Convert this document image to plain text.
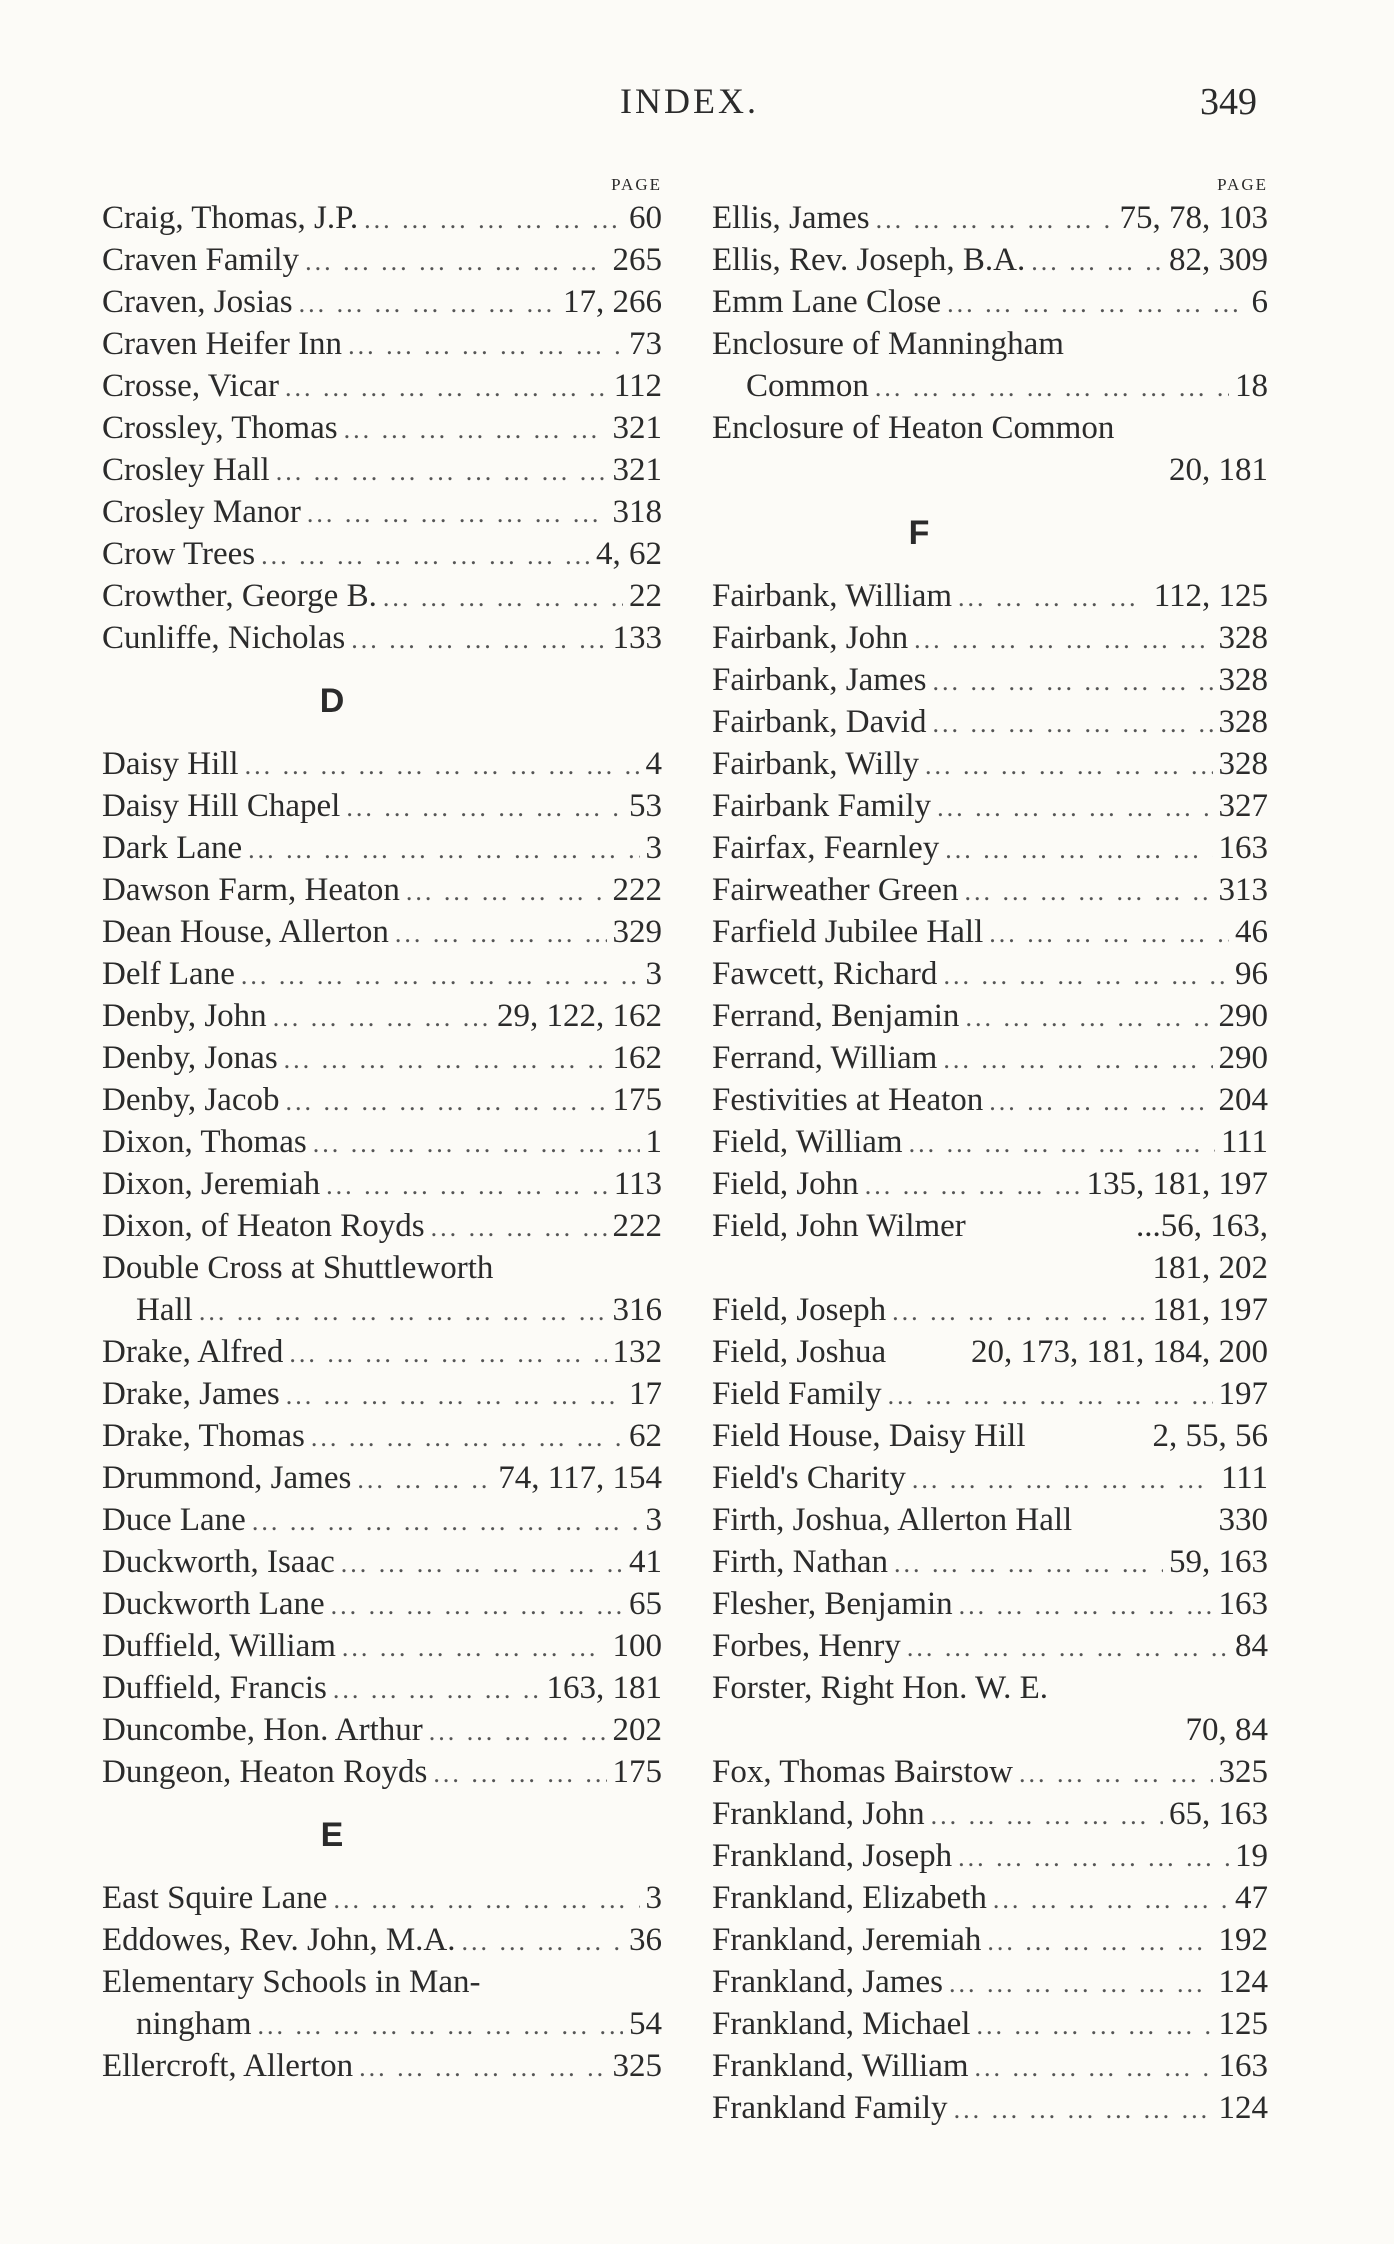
INDEX.	349
PAGE
Craig, Thomas, J.P. ... .	60
Craven Family ... .	265
Craven, Josias ... .	17, 266
Craven Heifer Inn ... .	73
Crosse, Vicar ... .	112
Crossley, Thomas ... .	321
Crosley Hall ... .	321
Crosley Manor ... .	318
Crow Trees ... .	4, 62
Crowther, George B. ... .	22
Cunliffe, Nicholas ... .	133
D
Daisy Hill ... .	4
Daisy Hill Chapel ... .	53
Dark Lane ... .	3
Dawson Farm, Heaton ... .	222
Dean House, Allerton ... .	329
Delf Lane ... .	3
Denby, John ... .	29, 122, 162
Denby, Jonas ... .	162
Denby, Jacob ... .	175
Dixon, Thomas ... .	1
Dixon, Jeremiah ... .	113
Dixon, of Heaton Royds ... .	222
Double Cross at Shuttleworth
Hall ... .	316
Drake, Alfred ... .	132
Drake, James ... .	17
Drake, Thomas ... .	62
Drummond, James ... .	74, 117, 154
Duce Lane ... .	3
Duckworth, Isaac ... .	41
Duckworth Lane ... .	65
Duffield, William ... .	100
Duffield, Francis ... .	163, 181
Duncombe, Hon. Arthur ... .	202
Dungeon, Heaton Royds ... .	175
E
East Squire Lane ... .	3
Eddowes, Rev. John, M.A. ... .	36
Elementary Schools in Man-
ningham ... .	54
Ellercroft, Allerton ... .	325
PAGE
Ellis, James ... .	75, 78, 103
Ellis, Rev. Joseph, B.A. ... .	82, 309
Emm Lane Close ... .	6
Enclosure of Manningham
Common ... .	18
Enclosure of Heaton Common
20, 181
F
Fairbank, William ... .	112, 125
Fairbank, John ... .	328
Fairbank, James ... .	328
Fairbank, David ... .	328
Fairbank, Willy ... .	328
Fairbank Family ... .	327
Fairfax, Fearnley ... .	163
Fairweather Green ... .	313
Farfield Jubilee Hall ... .	46
Fawcett, Richard ... .	96
Ferrand, Benjamin ... .	290
Ferrand, William ... .	290
Festivities at Heaton ... .	204
Field, William ... .	111
Field, John ... .	135, 181, 197
Field, John Wilmer	...56, 163,
181, 202
Field, Joseph ... .	181, 197
Field, Joshua	20, 173, 181, 184, 200
Field Family ... .	197
Field House, Daisy Hill	2, 55, 56
Field's Charity ... .	111
Firth, Joshua, Allerton Hall	330
Firth, Nathan ... .	59, 163
Flesher, Benjamin ... .	163
Forbes, Henry ... .	84
Forster, Right Hon. W. E.
70, 84
Fox, Thomas Bairstow ... .	325
Frankland, John ... .	65, 163
Frankland, Joseph ... .	19
Frankland, Elizabeth ... .	47
Frankland, Jeremiah ... .	192
Frankland, James ... .	124
Frankland, Michael ... .	125
Frankland, William ... .	163
Frankland Family ... .	124
